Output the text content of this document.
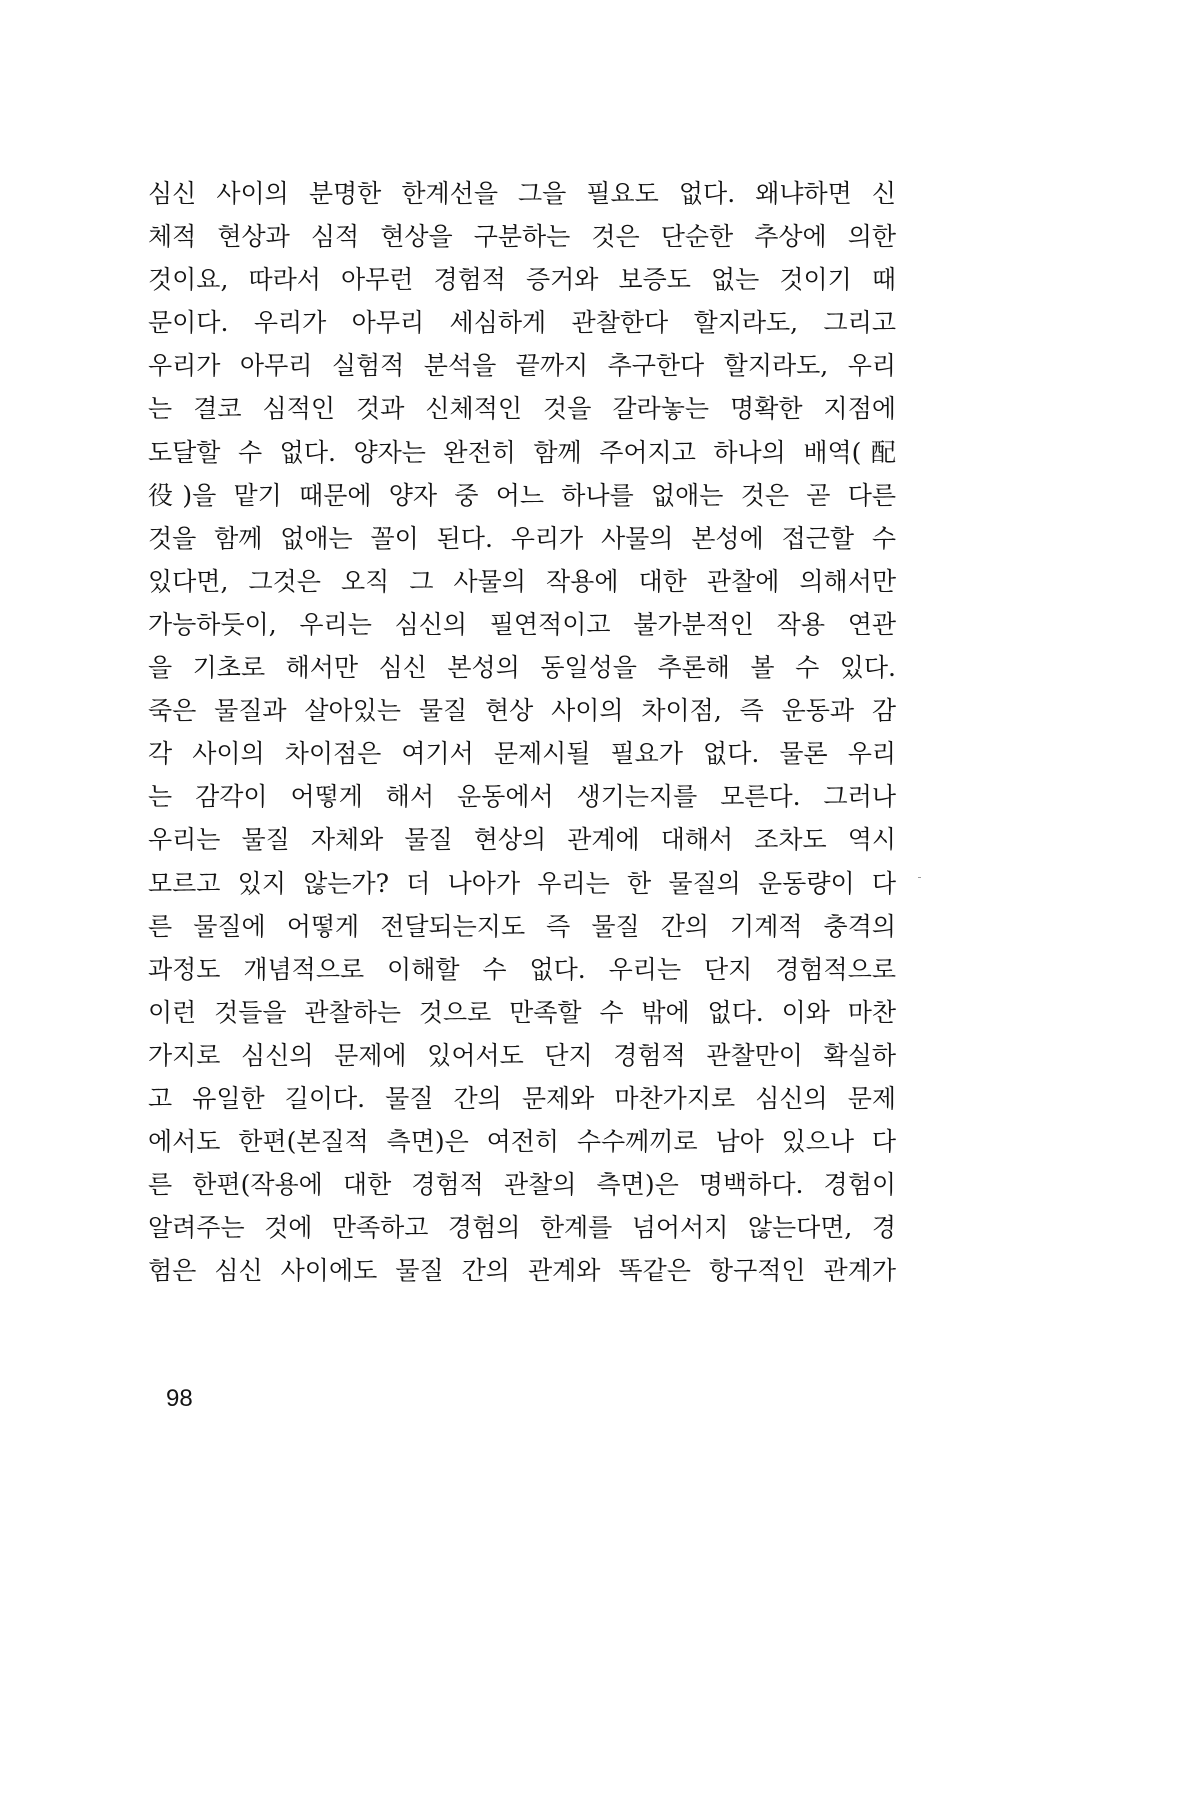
심신 사이의 분명한 한계선을 그을 필요도 없다. 왜냐하면 신
체적 현상과 심적 현상을 구분하는 것은 단순한 추상에 의한
것이요, 따라서 아무런 경험적 증거와 보증도 없는 것이기 때
문이다. 우리가 아무리 세심하게 관찰한다 할지라도, 그리고
우리가 아무리 실험적 분석을 끝까지 추구한다 할지라도, 우리
는 결코 심적인 것과 신체적인 것을 갈라놓는 명확한 지점에
도달할 수 없다. 양자는 완전히 함께 주어지고 하나의 배역(配
役)을 맡기 때문에 양자 중 어느 하나를 없애는 것은 곧 다른
것을 함께 없애는 꼴이 된다. 우리가 사물의 본성에 접근할 수
있다면, 그것은 오직 그 사물의 작용에 대한 관찰에 의해서만
가능하듯이, 우리는 심신의 필연적이고 불가분적인 작용 연관
을 기초로 해서만 심신 본성의 동일성을 추론해 볼 수 있다.
죽은 물질과 살아있는 물질 현상 사이의 차이점, 즉 운동과 감
각 사이의 차이점은 여기서 문제시될 필요가 없다. 물론 우리
는 감각이 어떻게 해서 운동에서 생기는지를 모른다. 그러나
우리는 물질 자체와 물질 현상의 관계에 대해서 조차도 역시
모르고 있지 않는가? 더 나아가 우리는 한 물질의 운동량이 다
른 물질에 어떻게 전달되는지도 즉 물질 간의 기계적 충격의
과정도 개념적으로 이해할 수 없다. 우리는 단지 경험적으로
이런 것들을 관찰하는 것으로 만족할 수 밖에 없다. 이와 마찬
가지로 심신의 문제에 있어서도 단지 경험적 관찰만이 확실하
고 유일한 길이다. 물질 간의 문제와 마찬가지로 심신의 문제
에서도 한편(본질적 측면)은 여전히 수수께끼로 남아 있으나 다
른 한편(작용에 대한 경험적 관찰의 측면)은 명백하다. 경험이
알려주는 것에 만족하고 경험의 한계를 넘어서지 않는다면, 경
험은 심신 사이에도 물질 간의 관계와 똑같은 항구적인 관계가

98
